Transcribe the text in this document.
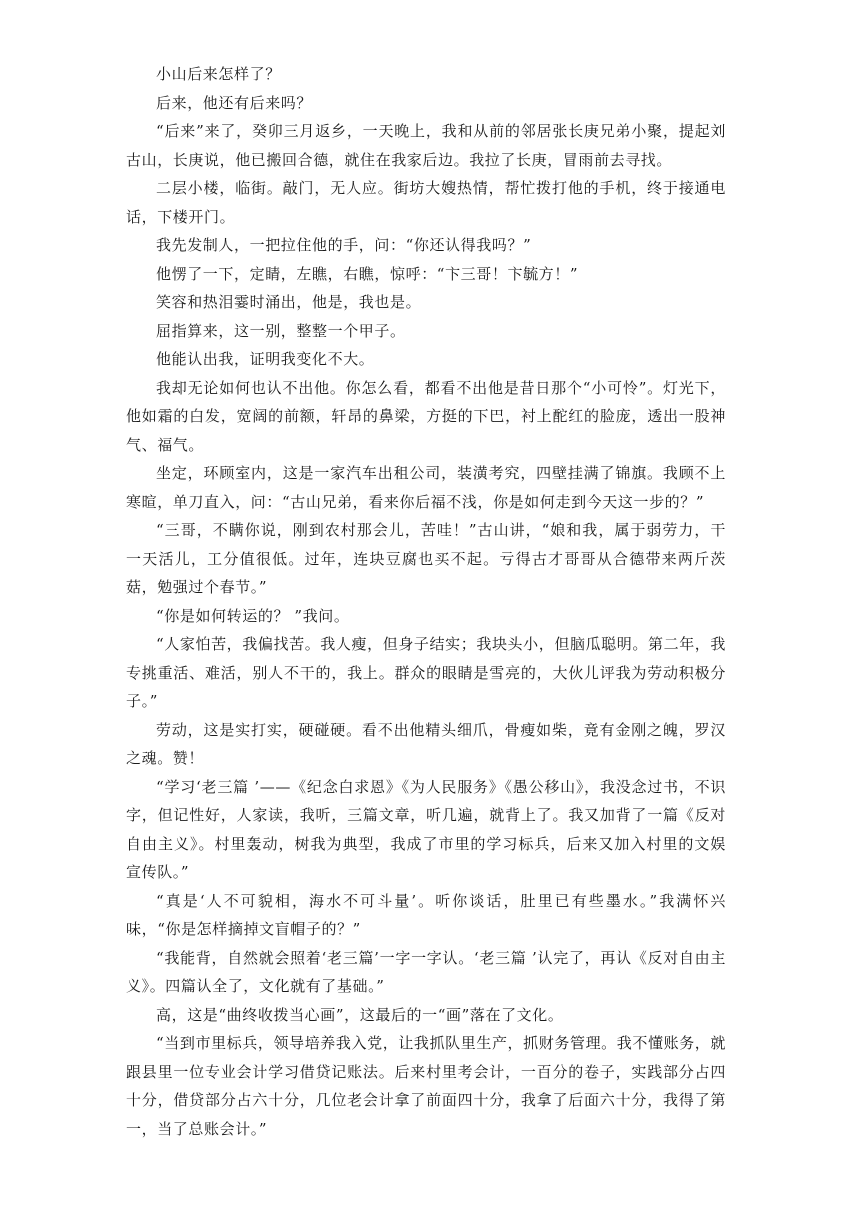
小山后来怎样了？

后来，他还有后来吗？

“后来”来了，癸卯三月返乡，一天晚上，我和从前的邻居张长庚兄弟小聚，提起刘古山，长庚说，他已搬回合德，就住在我家后边。我拉了长庚，冒雨前去寻找。

二层小楼，临街。敲门，无人应。街坊大嫂热情，帮忙拨打他的手机，终于接通电话，下楼开门。

我先发制人，一把拉住他的手，问：“你还认得我吗？”

他愣了一下，定睛，左瞧，右瞧，惊呼：“卞三哥！卞毓方！”

笑容和热泪霎时涌出，他是，我也是。

屈指算来，这一别，整整一个甲子。

他能认出我，证明我变化不大。

我却无论如何也认不出他。你怎么看，都看不出他是昔日那个“小可怜”。灯光下，他如霜的白发，宽阔的前额，轩昂的鼻梁，方挺的下巴，衬上酡红的脸庞，透出一股神气、福气。

坐定，环顾室内，这是一家汽车出租公司，装潢考究，四壁挂满了锦旗。我顾不上寒暄，单刀直入，问：“古山兄弟，看来你后福不浅，你是如何走到今天这一步的？”

“三哥，不瞒你说，刚到农村那会儿，苦哇！”古山讲，“娘和我，属于弱劳力，干一天活儿，工分值很低。过年，连块豆腐也买不起。亏得古才哥哥从合德带来两斤茨菇，勉强过个春节。”

“你是如何转运的？ ”我问。

“人家怕苦，我偏找苦。我人瘦，但身子结实；我块头小，但脑瓜聪明。第二年，我专挑重活、难活，别人不干的，我上。群众的眼睛是雪亮的，大伙儿评我为劳动积极分子。”

劳动，这是实打实，硬碰硬。看不出他精头细爪，骨瘦如柴，竟有金刚之魄，罗汉之魂。赞！

“学习‘老三篇 ’——《纪念白求恩》《为人民服务》《愚公移山》，我没念过书，不识字，但记性好，人家读，我听，三篇文章，听几遍，就背上了。我又加背了一篇《反对自由主义》。村里轰动，树我为典型，我成了市里的学习标兵，后来又加入村里的文娱宣传队。”

“真是‘人不可貌相，海水不可斗量’。听你谈话，肚里已有些墨水。”我满怀兴味，“你是怎样摘掉文盲帽子的？”

“我能背，自然就会照着‘老三篇’一字一字认。‘老三篇 ’认完了，再认《反对自由主义》。四篇认全了，文化就有了基础。”

高，这是“曲终收拨当心画”，这最后的一“画”落在了文化。

“当到市里标兵，领导培养我入党，让我抓队里生产，抓财务管理。我不懂账务，就跟县里一位专业会计学习借贷记账法。后来村里考会计，一百分的卷子，实践部分占四十分，借贷部分占六十分，几位老会计拿了前面四十分，我拿了后面六十分，我得了第一，当了总账会计。”
